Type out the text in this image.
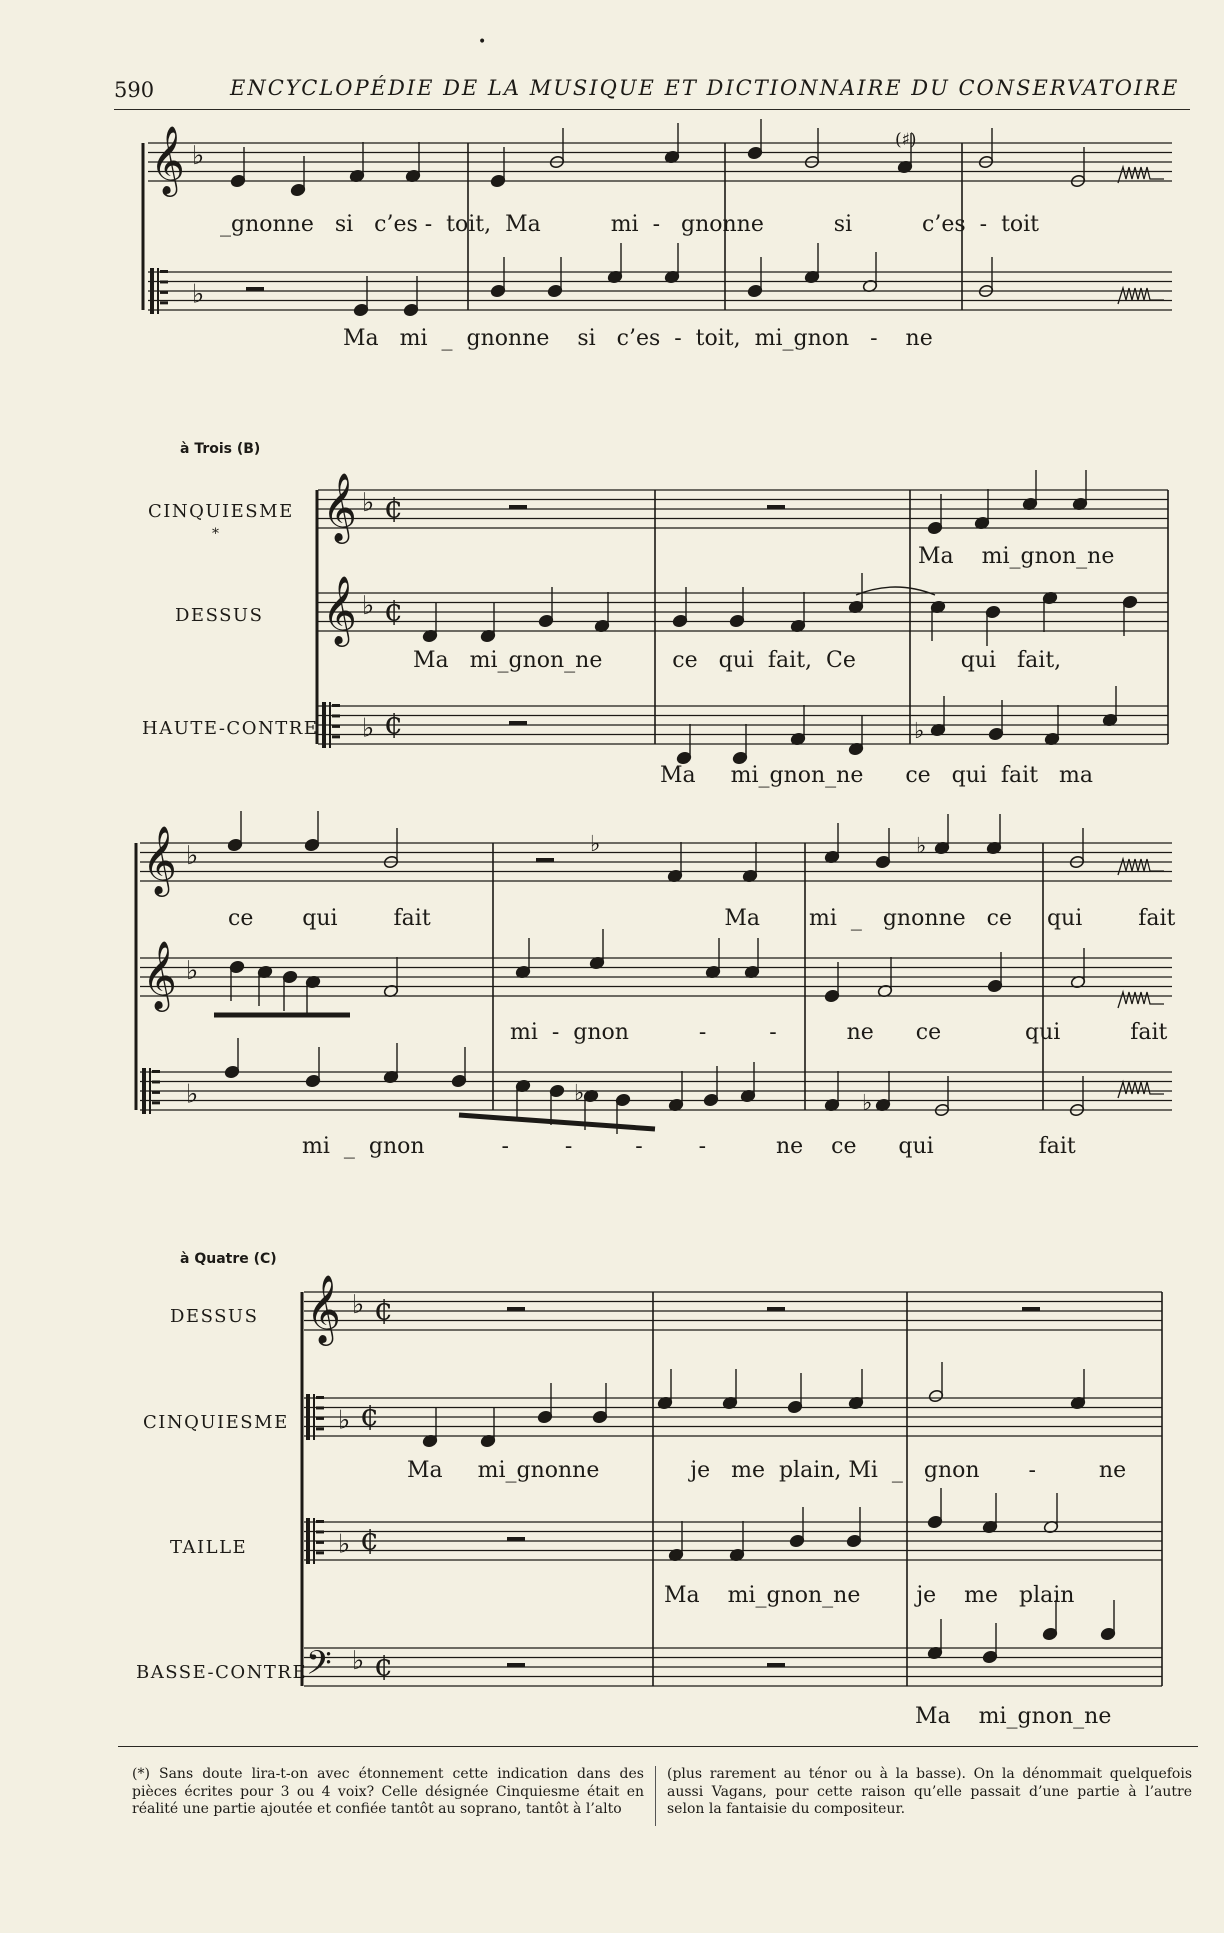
•
590	ENCYCLOPÉDIE DE LA MUSIQUE ET DICTIONNAIRE DU CONSERVATOIRE
𝄞 ♭
♭
𝄞 ♭ ¢
𝄞 ♭ ¢
♭ ¢	♭
𝄞 ♭
𝄞 ♭
♭
♭
♭	♭
♭
𝄞 ♭ ¢
♭ ¢
♭ ¢
𝄢 ♭ ¢
(♯)
_gnonne   si   c’es -  toit,  Ma          mi  -   gnonne          si          c’es  -  toit
Ma   mi  _  gnonne    si   c’es  -  toit,  mi_gnon   -    ne
à Trois (B)
CINQUIESME
*
DESSUS
HAUTE-CONTRE
Ma    mi_gnon_ne
Ma   mi_gnon_ne          ce   qui  fait,  Ce               qui   fait,
Ma     mi_gnon_ne      ce   qui  fait   ma
ce       qui        fait                                          Ma       mi  _   gnonne   ce     qui        fait
mi  -  gnon          -         -          ne      ce            qui          fait
mi  _  gnon           -        -         -        -          ne    ce      qui               fait
à Quatre (C)
DESSUS
CINQUIESME
TAILLE
BASSE-CONTRE
Ma     mi_gnonne             je   me  plain, Mi  _   gnon       -         ne
Ma    mi_gnon_ne        je    me   plain
Ma    mi_gnon_ne
(*) Sans doute lira-t-on avec étonnement cette indication dans des pièces écrites pour 3 ou 4 voix? Celle désignée Cinquiesme était en réalité une partie ajoutée et confiée tantôt au soprano, tantôt à l’alto
(plus rarement au ténor ou à la basse). On la dénommait quelquefois aussi Vagans, pour cette raison qu’elle passait d’une partie à l’autre selon la fantaisie du compositeur.
